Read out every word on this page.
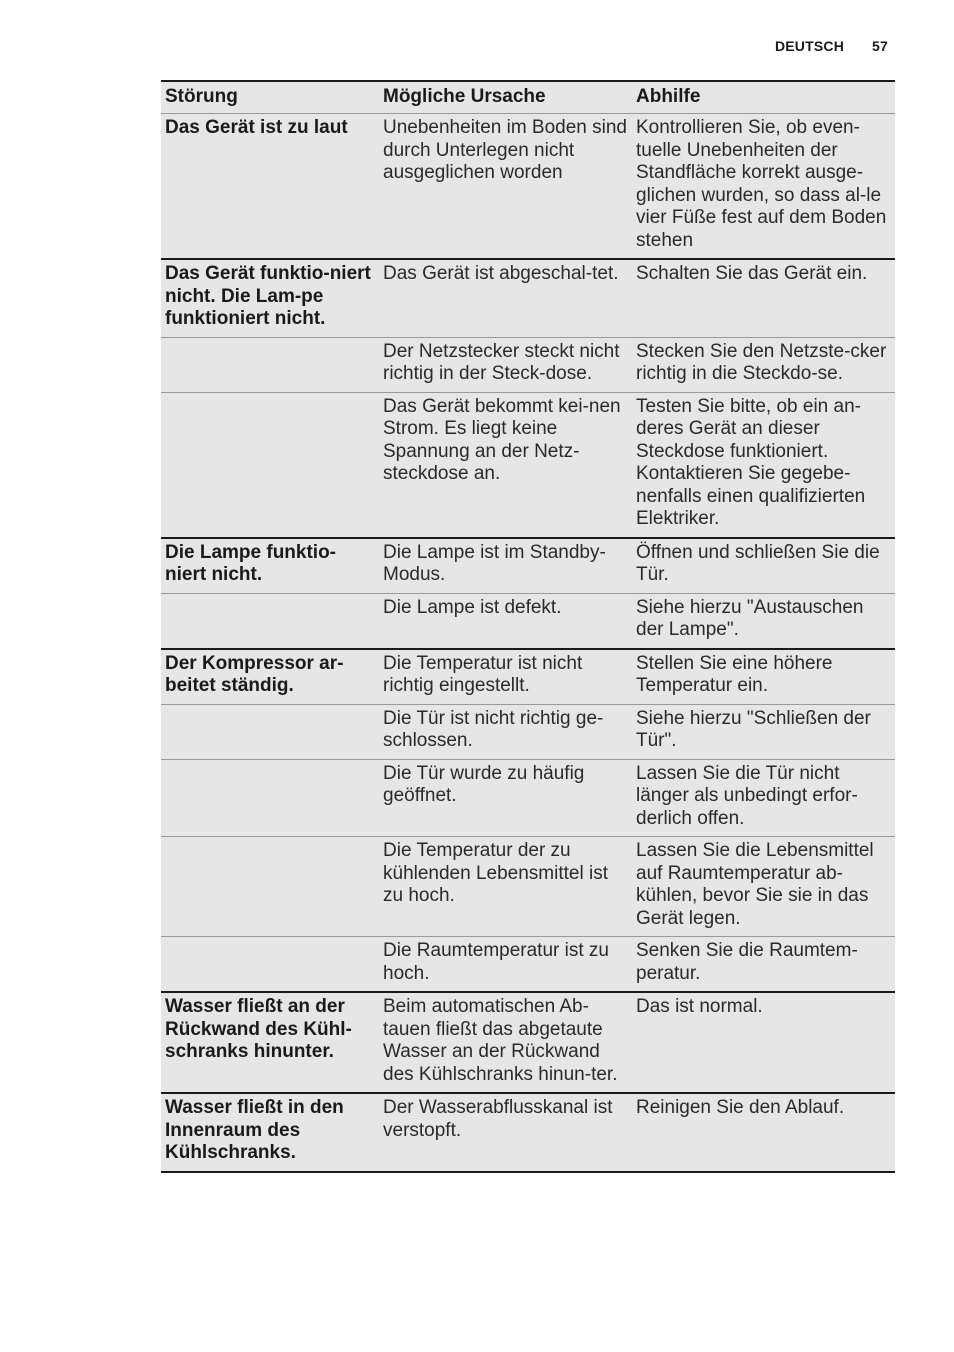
DEUTSCH 57
Störung	Mögliche Ursache	Abhilfe
Das Gerät ist zu laut	Unebenheiten im Boden sind durch Unterlegen nicht ausgeglichen worden	Kontrollieren Sie, ob even-tuelle Unebenheiten der Standfläche korrekt ausge-glichen wurden, so dass al-le vier Füße fest auf dem Boden stehen
Das Gerät funktio-niert nicht. Die Lam-pe funktioniert nicht.	Das Gerät ist abgeschal-tet.	Schalten Sie das Gerät ein.
	Der Netzstecker steckt nicht richtig in der Steck-dose.	Stecken Sie den Netzste-cker richtig in die Steckdo-se.
	Das Gerät bekommt kei-nen Strom. Es liegt keine Spannung an der Netz-steckdose an.	Testen Sie bitte, ob ein an-deres Gerät an dieser Steckdose funktioniert. Kontaktieren Sie gegebe-nenfalls einen qualifizierten Elektriker.
Die Lampe funktio-niert nicht.	Die Lampe ist im Standby-Modus.	Öffnen und schließen Sie die Tür.
	Die Lampe ist defekt.	Siehe hierzu "Austauschen der Lampe".
Der Kompressor ar-beitet ständig.	Die Temperatur ist nicht richtig eingestellt.	Stellen Sie eine höhere Temperatur ein.
	Die Tür ist nicht richtig ge-schlossen.	Siehe hierzu "Schließen der Tür".
	Die Tür wurde zu häufig geöffnet.	Lassen Sie die Tür nicht länger als unbedingt erfor-derlich offen.
	Die Temperatur der zu kühlenden Lebensmittel ist zu hoch.	Lassen Sie die Lebensmittel auf Raumtemperatur ab-kühlen, bevor Sie sie in das Gerät legen.
	Die Raumtemperatur ist zu hoch.	Senken Sie die Raumtem-peratur.
Wasser fließt an der Rückwand des Kühl-schranks hinunter.	Beim automatischen Ab-tauen fließt das abgetaute Wasser an der Rückwand des Kühlschranks hinun-ter.	Das ist normal.
Wasser fließt in den Innenraum des Kühlschranks.	Der Wasserabflusskanal ist verstopft.	Reinigen Sie den Ablauf.
